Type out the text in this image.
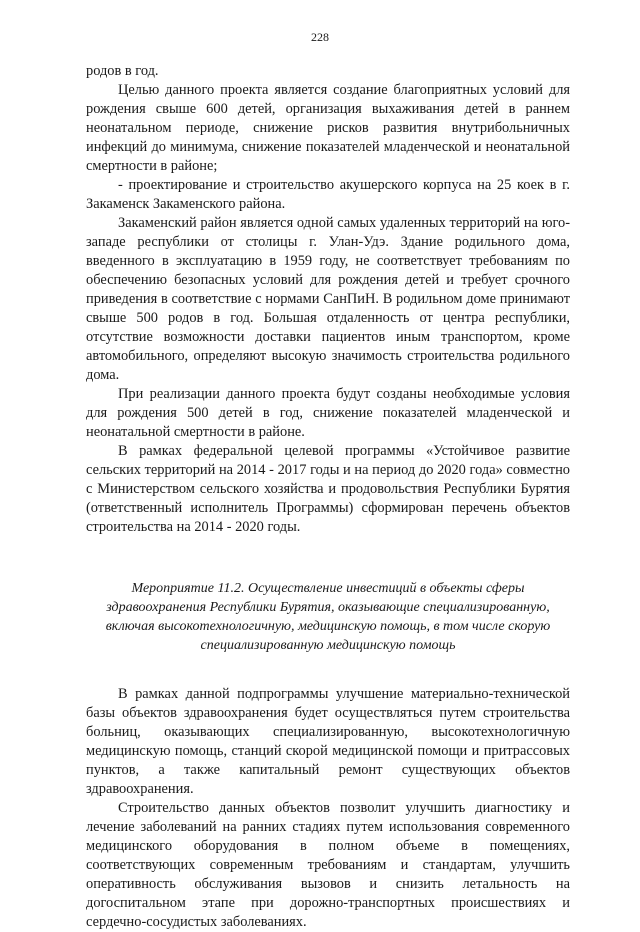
228

родов в год.

Целью данного проекта является создание благоприятных условий для рождения свыше 600 детей, организация выхаживания детей в раннем неонатальном периоде, снижение рисков развития внутрибольничных инфекций до минимума, снижение показателей младенческой и неонатальной смертности в районе;

- проектирование и строительство акушерского корпуса на 25 коек в г. Закаменск Закаменского района.

Закаменский район является одной самых удаленных территорий на юго-западе республики от столицы г. Улан-Удэ. Здание родильного дома, введенного в эксплуатацию в 1959 году, не соответствует требованиям по обеспечению безопасных условий для рождения детей и требует срочного приведения в соответствие с нормами СанПиН. В родильном доме принимают свыше 500 родов в год. Большая отдаленность от центра республики, отсутствие возможности доставки пациентов иным транспортом, кроме автомобильного, определяют высокую значимость строительства родильного дома.

При реализации данного проекта будут созданы необходимые условия для рождения 500 детей в год, снижение показателей младенческой и неонатальной смертности в районе.

В рамках федеральной целевой программы «Устойчивое развитие сельских территорий на 2014 - 2017 годы и на период до 2020 года» совместно с Министерством сельского хозяйства и продовольствия Республики Бурятия (ответственный исполнитель Программы) сформирован перечень объектов строительства на 2014 - 2020 годы.

Мероприятие 11.2. Осуществление инвестиций в объекты сферы здравоохранения Республики Бурятия, оказывающие специализированную, включая высокотехнологичную, медицинскую помощь, в том числе скорую специализированную медицинскую помощь

В рамках данной подпрограммы улучшение материально-технической базы объектов здравоохранения будет осуществляться путем строительства больниц, оказывающих специализированную, высокотехнологичную медицинскую помощь, станций скорой медицинской помощи и притрассовых пунктов, а также капитальный ремонт существующих объектов здравоохранения.

Строительство данных объектов позволит улучшить диагностику и лечение заболеваний на ранних стадиях путем использования современного медицинского оборудования в полном объеме в помещениях, соответствующих современным требованиям и стандартам, улучшить оперативность обслуживания вызовов и снизить летальность на догоспитальном этапе при дорожно-транспортных происшествиях и сердечно-сосудистых заболеваниях.
